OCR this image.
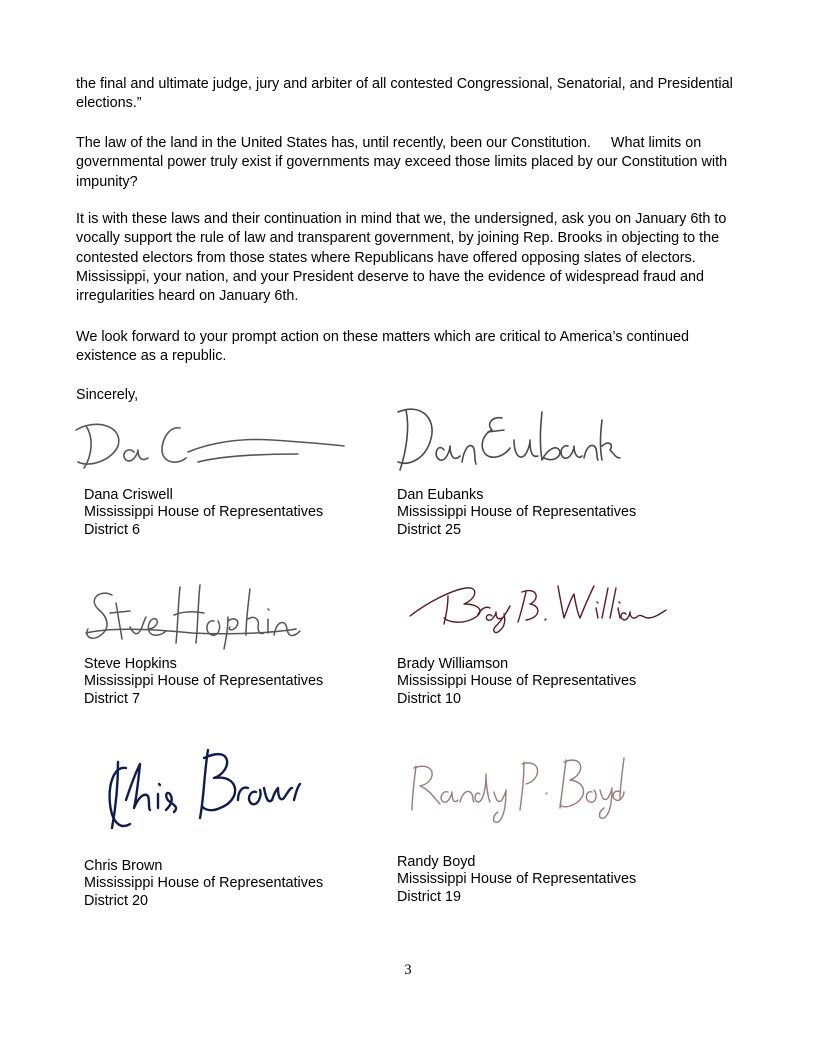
the final and ultimate judge, jury and arbiter of all contested Congressional, Senatorial, and Presidential elections.”

The law of the land in the United States has, until recently, been our Constitution.     What limits on governmental power truly exist if governments may exceed those limits placed by our Constitution with impunity?

It is with these laws and their continuation in mind that we, the undersigned, ask you on January 6th to vocally support the rule of law and transparent government, by joining Rep. Brooks in objecting to the contested electors from those states where Republicans have offered opposing slates of electors. Mississippi, your nation, and your President deserve to have the evidence of widespread fraud and irregularities heard on January 6th.

We look forward to your prompt action on these matters which are critical to America’s continued existence as a republic.

Sincerely,

Dana Criswell
Mississippi House of Representatives
District 6
Dan Eubanks
Mississippi House of Representatives
District 25
Steve Hopkins
Mississippi House of Representatives
District 7
Brady Williamson
Mississippi House of Representatives
District 10
Chris Brown
Mississippi House of Representatives
District 20
Randy Boyd
Mississippi House of Representatives
District 19
3
